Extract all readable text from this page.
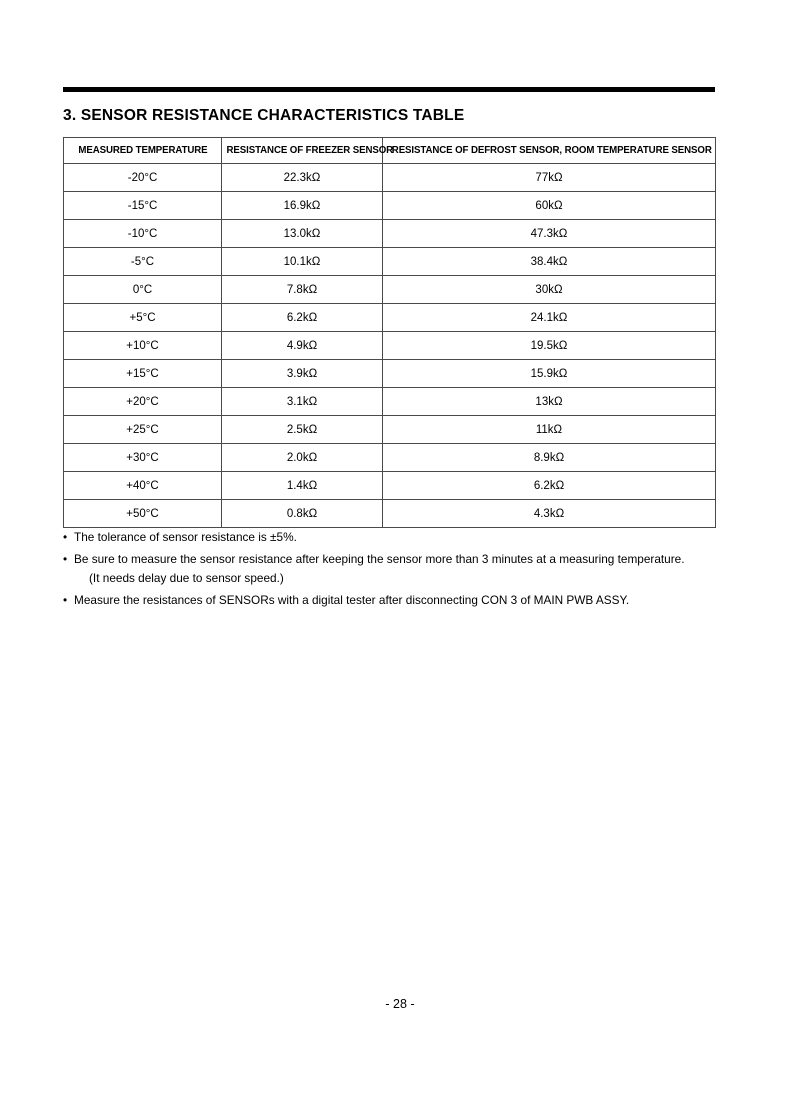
3. SENSOR RESISTANCE CHARACTERISTICS TABLE
MEASURED TEMPERATURE	RESISTANCE OF FREEZER SENSOR	RESISTANCE OF DEFROST SENSOR, ROOM TEMPERATURE SENSOR
-20°C	22.3kΩ	77kΩ
-15°C	16.9kΩ	60kΩ
-10°C	13.0kΩ	47.3kΩ
-5°C	10.1kΩ	38.4kΩ
0°C	7.8kΩ	30kΩ
+5°C	6.2kΩ	24.1kΩ
+10°C	4.9kΩ	19.5kΩ
+15°C	3.9kΩ	15.9kΩ
+20°C	3.1kΩ	13kΩ
+25°C	2.5kΩ	11kΩ
+30°C	2.0kΩ	8.9kΩ
+40°C	1.4kΩ	6.2kΩ
+50°C	0.8kΩ	4.3kΩ
• The tolerance of sensor resistance is ±5%.
• Be sure to measure the sensor resistance after keeping the sensor more than 3 minutes at a measuring temperature.
(It needs delay due to sensor speed.)
• Measure the resistances of SENSORs with a digital tester after disconnecting CON 3 of MAIN PWB ASSY.
- 28 -
